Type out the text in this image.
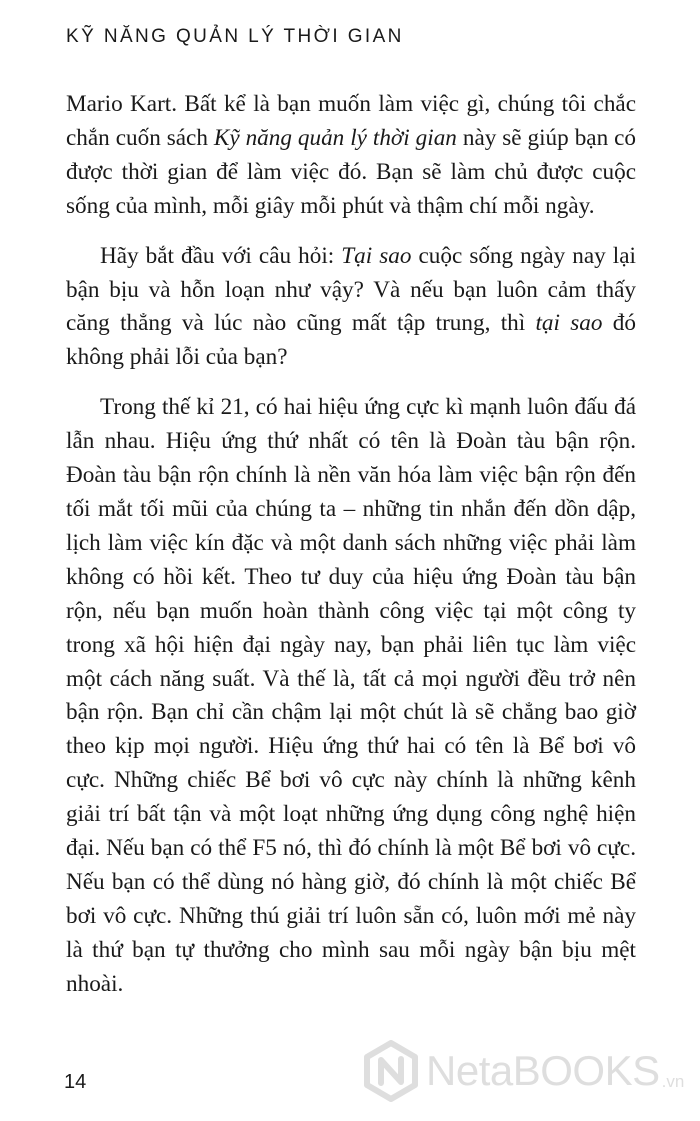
KỸ NĂNG QUẢN LÝ THỜI GIAN

Mario Kart. Bất kể là bạn muốn làm việc gì, chúng tôi chắc chắn cuốn sách Kỹ năng quản lý thời gian này sẽ giúp bạn có được thời gian để làm việc đó. Bạn sẽ làm chủ được cuộc sống của mình, mỗi giây mỗi phút và thậm chí mỗi ngày.

Hãy bắt đầu với câu hỏi: Tại sao cuộc sống ngày nay lại bận bịu và hỗn loạn như vậy? Và nếu bạn luôn cảm thấy căng thẳng và lúc nào cũng mất tập trung, thì tại sao đó không phải lỗi của bạn?

Trong thế kỉ 21, có hai hiệu ứng cực kì mạnh luôn đấu đá lẫn nhau. Hiệu ứng thứ nhất có tên là Đoàn tàu bận rộn. Đoàn tàu bận rộn chính là nền văn hóa làm việc bận rộn đến tối mắt tối mũi của chúng ta – những tin nhắn đến dồn dập, lịch làm việc kín đặc và một danh sách những việc phải làm không có hồi kết. Theo tư duy của hiệu ứng Đoàn tàu bận rộn, nếu bạn muốn hoàn thành công việc tại một công ty trong xã hội hiện đại ngày nay, bạn phải liên tục làm việc một cách năng suất. Và thế là, tất cả mọi người đều trở nên bận rộn. Bạn chỉ cần chậm lại một chút là sẽ chẳng bao giờ theo kịp mọi người. Hiệu ứng thứ hai có tên là Bể bơi vô cực. Những chiếc Bể bơi vô cực này chính là những kênh giải trí bất tận và một loạt những ứng dụng công nghệ hiện đại. Nếu bạn có thể F5 nó, thì đó chính là một Bể bơi vô cực. Nếu bạn có thể dùng nó hàng giờ, đó chính là một chiếc Bể bơi vô cực. Những thú giải trí luôn sẵn có, luôn mới mẻ này là thứ bạn tự thưởng cho mình sau mỗi ngày bận bịu mệt nhoài.

14	NetaBOOKS .vn
